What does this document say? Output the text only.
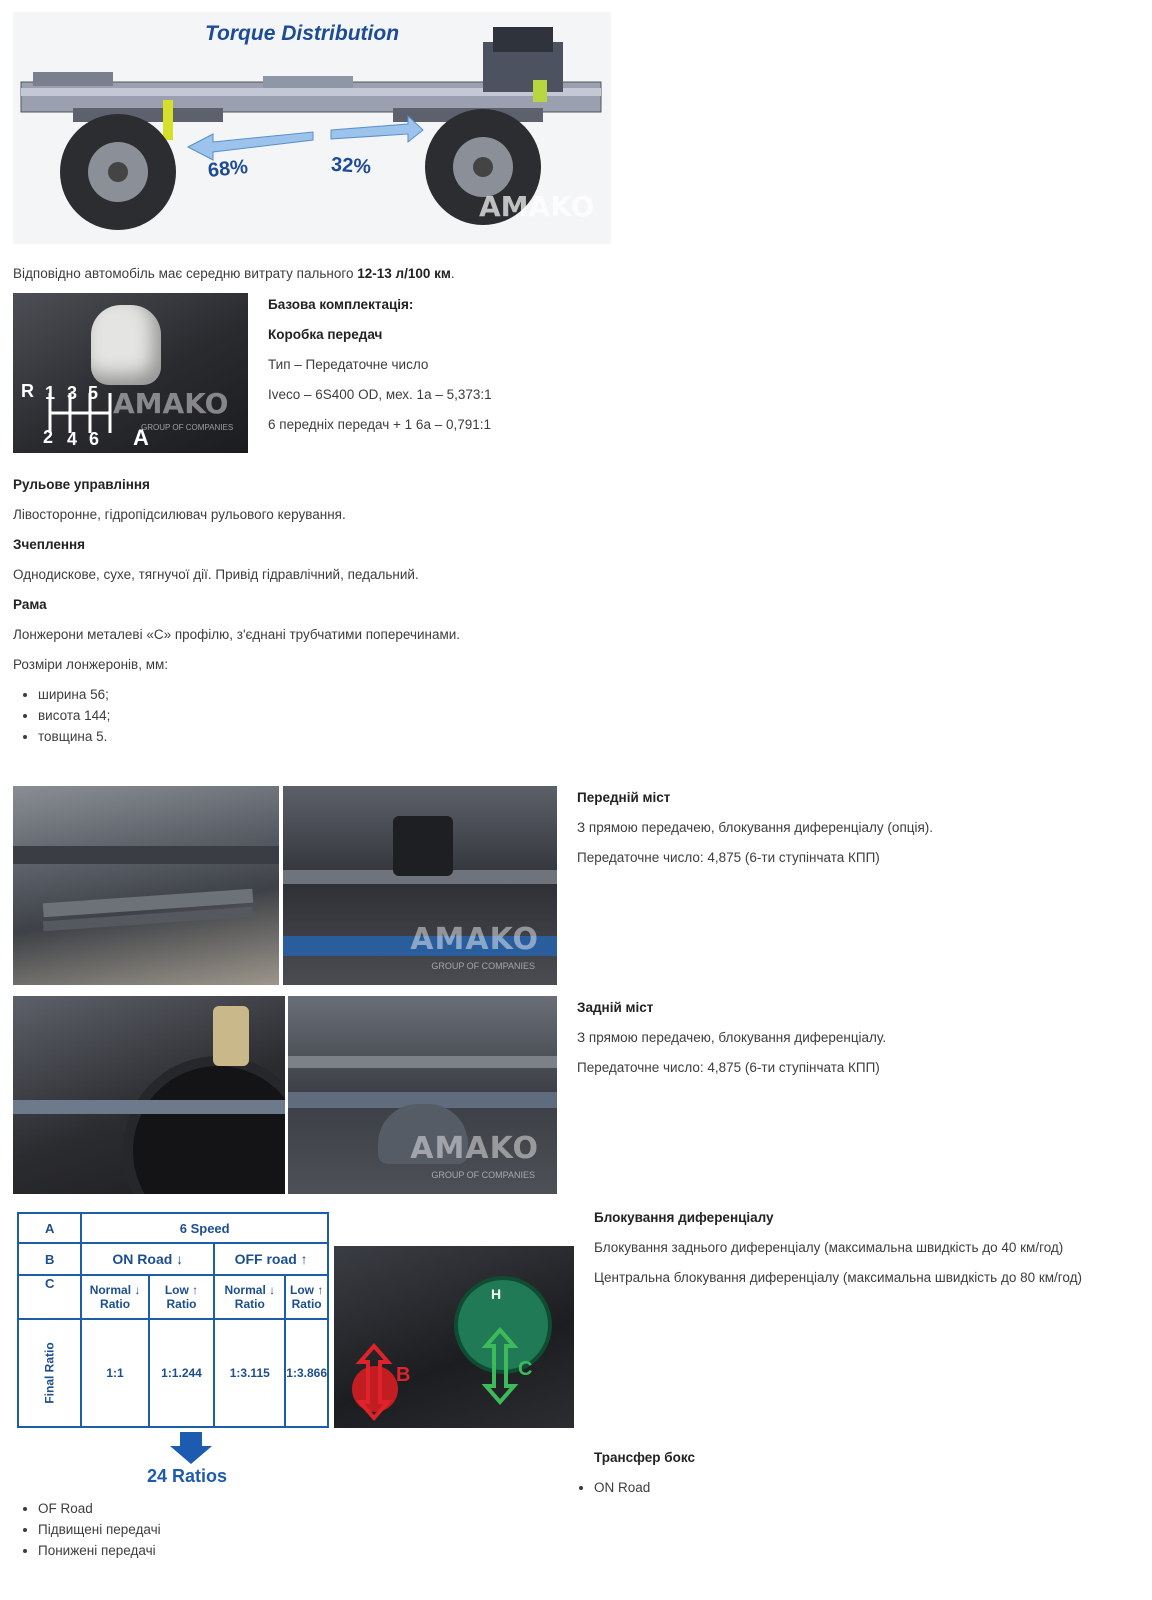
Torque Distribution
68%	32%
AMAKO
Відповідно автомобіль має середню витрату пального 12-13 л/100 км.
R 1 3 5
2 4 6 A
AMAKO
GROUP OF COMPANIES
Базова комплектація:
Коробка передач
Тип – Передаточне число
Iveco – 6S400 OD, мех. 1a – 5,373:1
6 передніх передач + 1 6a – 0,791:1
Рульове управління
Лівосторонне, гідропідсилювач рульового керування.
Зчеплення
Однодискове, сухе, тягнучої дії. Привід гідравлічний, педальний.
Рама
Лонжерони металеві «С» профілю, з'єднані трубчатими поперечинами.
Розміри лонжеронів, мм:
• ширина 56;
• висота 144;
• товщина 5.
AMAKO
GROUP OF COMPANIES
Передній міст
З прямою передачею, блокування диференціалу (опція).
Передаточне число: 4,875 (6-ти ступінчата КПП)
AMAKO
GROUP OF COMPANIES
Задній міст
З прямою передачею, блокування диференціалу.
Передаточне число: 4,875 (6-ти ступінчата КПП)
A	6 Speed			
B	ON Road ↓		OFF road ↑	
C	Normal ↓ Ratio	Low ↑ Ratio	Normal ↓ Ratio	Low ↑ Ratio

Final Ratio	1:1	1:1.244	1:3.115	1:3.866
24 Ratios
H
B	C
Блокування диференціалу
Блокування заднього диференціалу (максимальна швидкість до 40 км/год)
Центральна блокування диференціалу (максимальна швидкість до 80 км/год)
Трансфер бокс
• ON Road
• OF Road
• Підвищені передачі
• Понижені передачі
